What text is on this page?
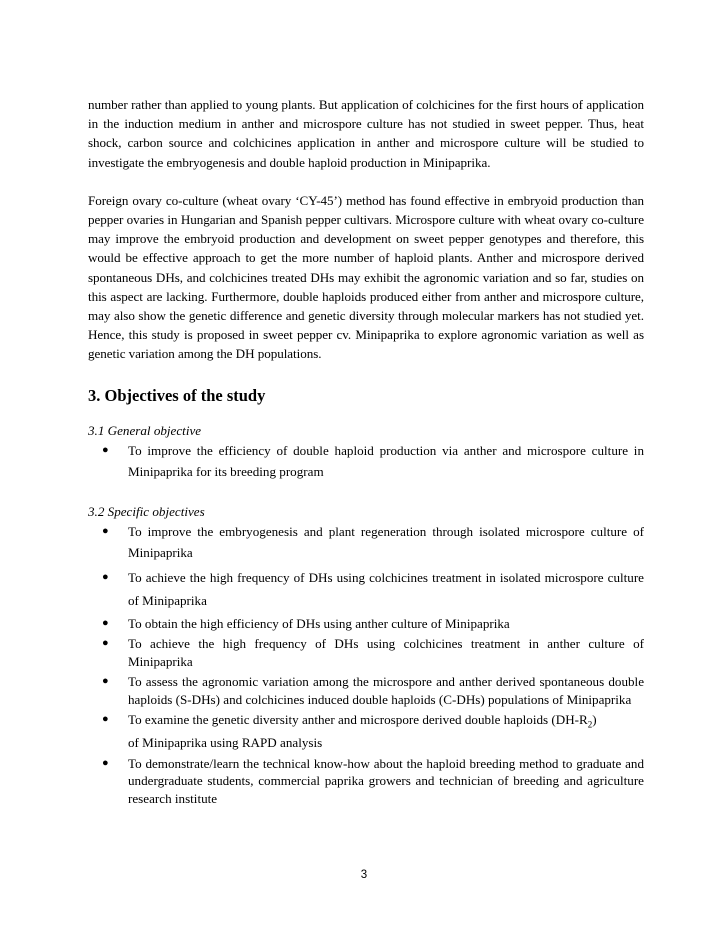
number rather than applied to young plants. But application of colchicines for the first hours of application in the induction medium in anther and microspore culture has not studied in sweet pepper. Thus, heat shock, carbon source and colchicines application in anther and microspore culture will be studied to investigate the embryogenesis and double haploid production in Minipaprika.

Foreign ovary co-culture (wheat ovary ‘CY-45’) method has found effective in embryoid production than pepper ovaries in Hungarian and Spanish pepper cultivars. Microspore culture with wheat ovary co-culture may improve the embryoid production and development on sweet pepper genotypes and therefore, this would be effective approach to get the more number of haploid plants. Anther and microspore derived spontaneous DHs, and colchicines treated DHs may exhibit the agronomic variation and so far, studies on this aspect are lacking. Furthermore, double haploids produced either from anther and microspore culture, may also show the genetic difference and genetic diversity through molecular markers has not studied yet. Hence, this study is proposed in sweet pepper cv. Minipaprika to explore agronomic variation as well as genetic variation among the DH populations.

3. Objectives of the study

3.1 General objective

● To improve the efficiency of double haploid production via anther and microspore culture in Minipaprika for its breeding program

3.2 Specific objectives

● To improve the embryogenesis and plant regeneration through isolated microspore culture of Minipaprika
● To achieve the high frequency of DHs using colchicines treatment in isolated microspore culture of Minipaprika
● To obtain the high efficiency of DHs using anther culture of Minipaprika
● To achieve the high frequency of DHs using colchicines treatment in anther culture of Minipaprika
● To assess the agronomic variation among the microspore and anther derived spontaneous double haploids (S-DHs) and colchicines induced double haploids (C-DHs) populations of Minipaprika
● To examine the genetic diversity anther and microspore derived double haploids $(DH-R_2)$
of Minipaprika using RAPD analysis
● To demonstrate/learn the technical know-how about the haploid breeding method to graduate and undergraduate students, commercial paprika growers and technician of breeding and agriculture research institute
3
